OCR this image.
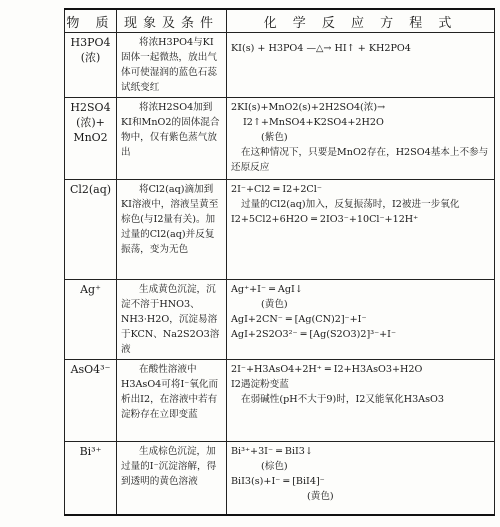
物 质	现象及条件	化 学 反 应 方 程 式

H3PO4
(浓)	将浓H3PO4与KI固体一起微热，放出气体可使湿润的蓝色石蕊试纸变红	KI(s) + H3PO4 —△→ HI↑ + KH2PO4

H2SO4
(浓)+
MnO2	将浓H2SO4加到KI和MnO2的固体混合物中，仅有紫色蒸气放出	2KI(s)+MnO2(s)+2H2SO4(浓)→
I2↑+MnSO4+K2SO4+2H2O
(紫色)
在这种情况下，只要是MnO2存在，H2SO4基本上不参与还原反应

Cl2(aq)	将Cl2(aq)滴加到KI溶液中，溶液呈黄至棕色(与I2量有关)。加过量的Cl2(aq)并反复振荡，变为无色	2I⁻+Cl2 ═ I2+2Cl⁻
过量的Cl2(aq)加入，反复振荡时，I2被进一步氧化
I2+5Cl2+6H2O ═ 2IO3⁻+10Cl⁻+12H⁺

Ag⁺	生成黄色沉淀，沉淀不溶于HNO3、NH3·H2O，沉淀易溶于KCN、Na2S2O3溶液	Ag⁺+I⁻ ═ AgI↓
(黄色)
AgI+2CN⁻ ═ [Ag(CN)2]⁻+I⁻
AgI+2S2O3²⁻ ═ [Ag(S2O3)2]³⁻+I⁻

AsO4³⁻	在酸性溶液中H3AsO4可将I⁻氧化而析出I2，在溶液中若有淀粉存在立即变蓝	2I⁻+H3AsO4+2H⁺ ═ I2+H3AsO3+H2O
I2遇淀粉变蓝
在弱碱性(pH不大于9)时，I2又能氧化H3AsO3

Bi³⁺	生成棕色沉淀，加过量的I⁻沉淀溶解，得到透明的黄色溶液	Bi³⁺+3I⁻ ═ BiI3↓
(棕色)
BiI3(s)+I⁻ ═ [BiI4]⁻
(黄色)
